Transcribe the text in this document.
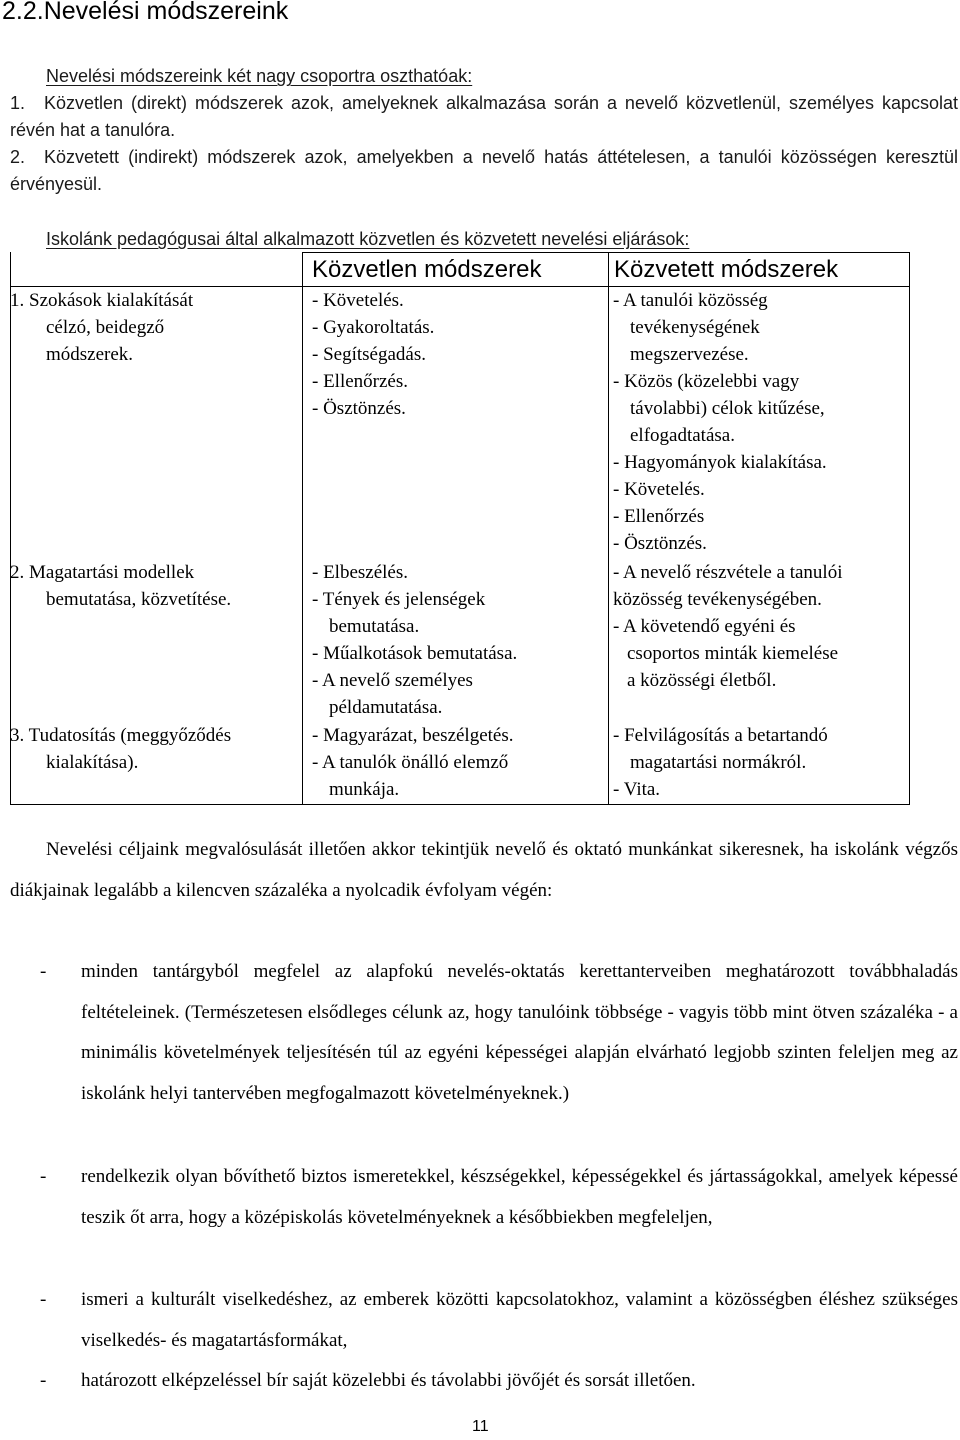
2.2.Nevelési módszereink
Nevelési módszereink két nagy csoportra oszthatóak:
1. Közvetlen (direkt) módszerek azok, amelyeknek alkalmazása során a nevelő közvetlenül, személyes kapcsolat révén hat a tanulóra.
2. Közvetett (indirekt) módszerek azok, amelyekben a nevelő hatás áttételesen, a tanulói közösségen keresztül érvényesül.
Iskolánk pedagógusai által alkalmazott közvetlen és közvetett nevelési eljárások:
Közvetlen módszerek	Közvetett módszerek
1. Szokások kialakítását
célzó, beidegző
módszerek.
- Követelés.
- Gyakoroltatás.
- Segítségadás.
- Ellenőrzés.
- Ösztönzés.
- A tanulói közösség
tevékenységének
megszervezése.
- Közös (közelebbi vagy
távolabbi) célok kitűzése,
elfogadtatása.
- Hagyományok kialakítása.
- Követelés.
- Ellenőrzés
- Ösztönzés.
2. Magatartási modellek
bemutatása, közvetítése.
- Elbeszélés.
- Tények és jelenségek
bemutatása.
- Műalkotások bemutatása.
- A nevelő személyes
példamutatása.
- A nevelő részvétele a tanulói
közösség tevékenységében.
- A követendő egyéni és
csoportos minták kiemelése
a közösségi életből.
3. Tudatosítás (meggyőződés
kialakítása).
- Magyarázat, beszélgetés.
- A tanulók önálló elemző
munkája.
- Felvilágosítás a betartandó
magatartási normákról.
- Vita.
Nevelési céljaink megvalósulását illetően akkor tekintjük nevelő és oktató munkánkat sikeresnek, ha iskolánk végzős diákjainak legalább a kilencven százaléka a nyolcadik évfolyam végén:
- minden tantárgyból megfelel az alapfokú nevelés-oktatás kerettanterveiben meghatározott továbbhaladás feltételeinek. (Természetesen elsődleges célunk az, hogy tanulóink többsége - vagyis több mint ötven százaléka - a minimális követelmények teljesítésén túl az egyéni képességei alapján elvárható legjobb szinten feleljen meg az iskolánk helyi tantervében megfogalmazott követelményeknek.)
- rendelkezik olyan bővíthető biztos ismeretekkel, készségekkel, képességekkel és jártasságokkal, amelyek képessé teszik őt arra, hogy a középiskolás követelményeknek a későbbiekben megfeleljen,
- ismeri a kulturált viselkedéshez, az emberek közötti kapcsolatokhoz, valamint a közösségben éléshez szükséges viselkedés- és magatartásformákat,
- határozott elképzeléssel bír saját közelebbi és távolabbi jövőjét és sorsát illetően.
11
